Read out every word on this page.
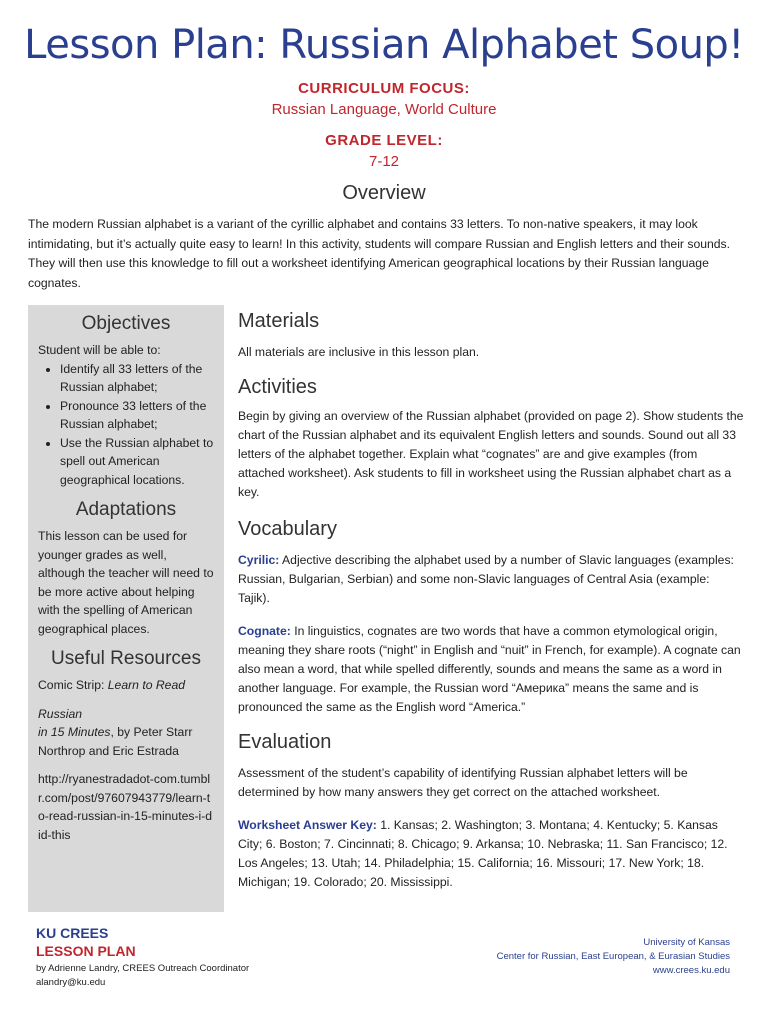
Lesson Plan: Russian Alphabet Soup!
CURRICULUM FOCUS:
Russian Language, World Culture
GRADE LEVEL:
7-12
Overview

The modern Russian alphabet is a variant of the cyrillic alphabet and contains 33 letters. To non-native speakers, it may look intimidating, but it’s actually quite easy to learn! In this activity, students will compare Russian and English letters and their sounds. They will then use this knowledge to fill out a worksheet identifying American geographical locations by their Russian language cognates.

Objectives
Student will be able to:
• Identify all 33 letters of the Russian alphabet;
• Pronounce 33 letters of the Russian alphabet;
• Use the Russian alphabet to spell out American geographical locations.
Adaptations
This lesson can be used for younger grades as well, although the teacher will need to be more active about helping with the spelling of American geographical places.
Useful Resources
Comic Strip: Learn to Read
Russian
in 15 Minutes, by Peter Starr Northrop and Eric Estrada
http://ryanestradadot-com.tumblr.com/post/97607943779/learn-to-read-russian-in-15-minutes-i-did-this
Materials

All materials are inclusive in this lesson plan.

Activities

Begin by giving an overview of the Russian alphabet (provided on page 2). Show students the chart of the Russian alphabet and its equivalent English letters and sounds. Sound out all 33 letters of the alphabet together. Explain what “cognates” are and give examples (from attached worksheet). Ask students to fill in worksheet using the Russian alphabet chart as a key.

Vocabulary

Cyrilic: Adjective describing the alphabet used by a number of Slavic languages (examples: Russian, Bulgarian, Serbian) and some non-Slavic languages of Central Asia (example: Tajik).

Cognate: In linguistics, cognates are two words that have a common etymological origin, meaning they share roots (“night” in English and “nuit” in French, for example). A cognate can also mean a word, that while spelled differently, sounds and means the same as a word in another language. For example, the Russian word “Америка” means the same and is pronounced the same as the English word “America.”

Evaluation

Assessment of the student’s capability of identifying Russian alphabet letters will be determined by how many answers they get correct on the attached worksheet.

Worksheet Answer Key: 1. Kansas; 2. Washington; 3. Montana; 4. Kentucky; 5. Kansas City; 6. Boston; 7. Cincinnati; 8. Chicago; 9. Arkansa; 10. Nebraska; 11. San Francisco; 12. Los Angeles; 13. Utah; 14. Philadelphia; 15. California; 16. Missouri; 17. New York; 18. Michigan; 19. Colorado; 20. Mississippi.

KU CREES
LESSON PLAN
by Adrienne Landry, CREES Outreach Coordinator
alandry@ku.edu
University of Kansas
Center for Russian, East European, & Eurasian Studies
www.crees.ku.edu
